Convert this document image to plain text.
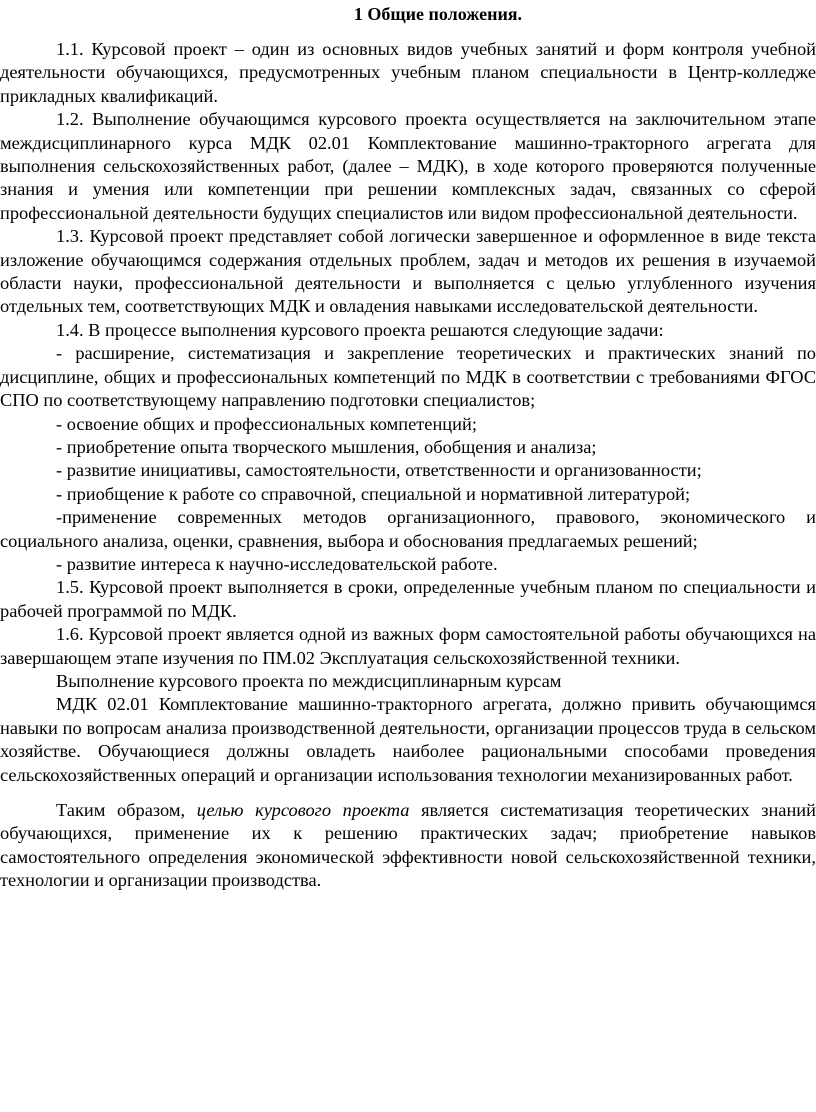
1 Общие положения.

1.1. Курсовой проект – один из основных видов учебных занятий и форм контроля учебной деятельности обучающихся, предусмотренных учебным планом специальности в Центр-колледже прикладных квалификаций.

1.2. Выполнение обучающимся курсового проекта осуществляется на заключительном этапе междисциплинарного курса МДК 02.01 Комплектование машинно-тракторного агрегата для выполнения сельскохозяйственных работ, (далее – МДК), в ходе которого проверяются полученные знания и умения или компетенции при решении комплексных задач, связанных со сферой профессиональной деятельности будущих специалистов или видом профессиональной деятельности.

1.3. Курсовой проект представляет собой логически завершенное и оформленное в виде текста изложение обучающимся содержания отдельных проблем, задач и методов их решения в изучаемой области науки, профессиональной деятельности и выполняется с целью углубленного изучения отдельных тем, соответствующих МДК и овладения навыками исследовательской деятельности.

1.4. В процессе выполнения курсового проекта решаются следующие задачи:

- расширение, систематизация и закрепление теоретических и практических знаний по дисциплине, общих и профессиональных компетенций по МДК в соответствии с требованиями ФГОС СПО по соответствующему направлению подготовки специалистов;

- освоение общих и профессиональных компетенций;

- приобретение опыта творческого мышления, обобщения и анализа;

- развитие инициативы, самостоятельности, ответственности и организованности;

- приобщение к работе со справочной, специальной и нормативной литературой;

-применение современных методов организационного, правового, экономического и социального анализа, оценки, сравнения, выбора и обоснования предлагаемых решений;

- развитие интереса к научно-исследовательской работе.

1.5. Курсовой проект выполняется в сроки, определенные учебным планом по специальности и рабочей программой по МДК.

1.6. Курсовой проект является одной из важных форм самостоятельной работы обучающихся на завершающем этапе изучения по ПМ.02 Эксплуатация сельскохозяйственной техники.

Выполнение курсового проекта по междисциплинарным курсам

МДК 02.01 Комплектование машинно-тракторного агрегата, должно привить обучающимся навыки по вопросам анализа производственной деятельности, организации процессов труда в сельском хозяйстве. Обучающиеся должны овладеть наиболее рациональными способами проведения сельскохозяйственных операций и организации использования технологии механизированных работ.

Таким образом, целью курсового проекта является систематизация теоретических знаний обучающихся, применение их к решению практических задач; приобретение навыков самостоятельного определения экономической эффективности новой сельскохозяйственной техники, технологии и организации производства.
